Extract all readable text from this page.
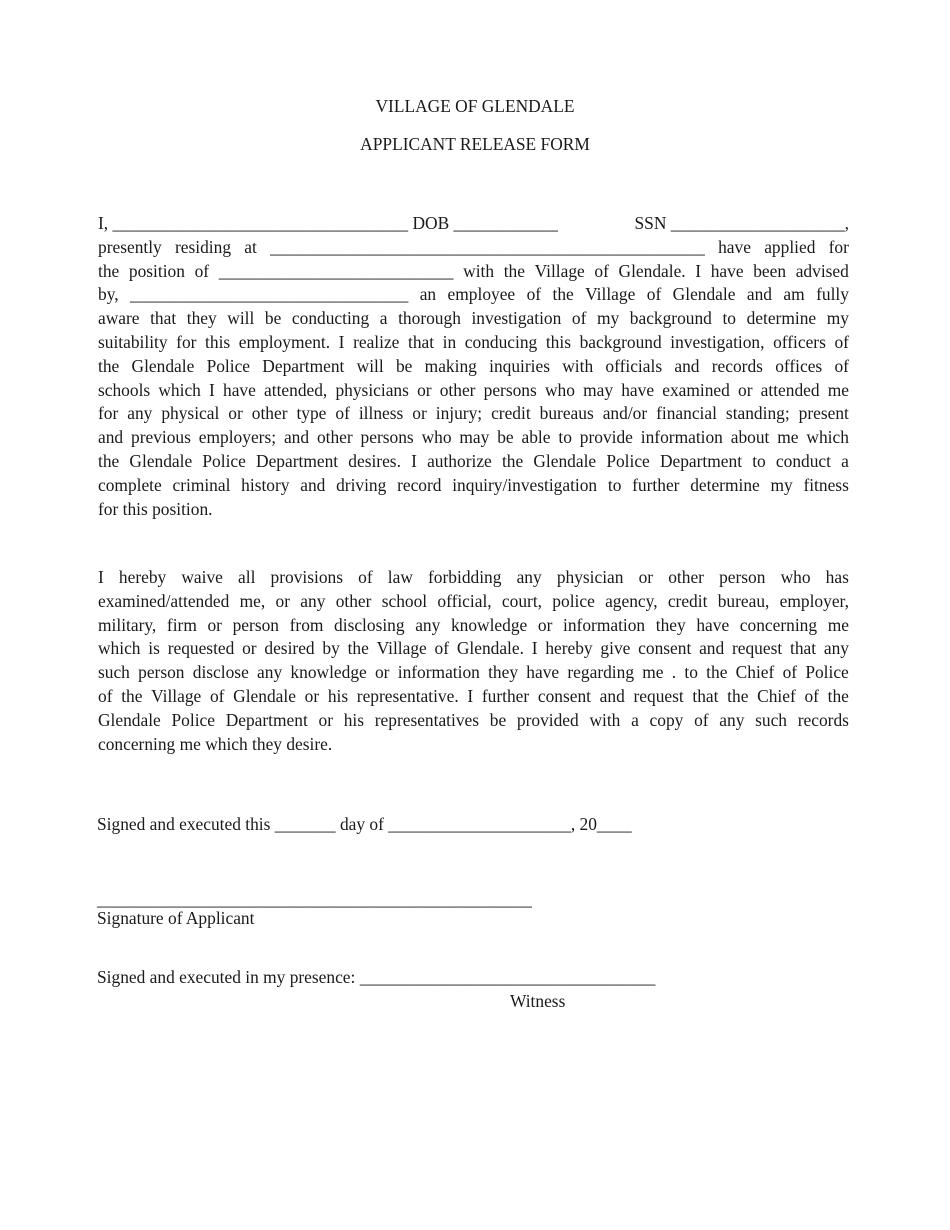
VILLAGE OF GLENDALE
APPLICANT RELEASE FORM
I, __________________________________ DOB ____________	SSN ____________________,
presently residing at __________________________________________________ have applied for
the position of ___________________________ with the Village of Glendale. I have been advised
by, ________________________________ an employee of the Village of Glendale and am fully
aware that they will be conducting a thorough investigation of my background to determine my
suitability for this employment. I realize that in conducing this background investigation, officers of
the Glendale Police Department will be making inquiries with officials and records offices of
schools which I have attended, physicians or other persons who may have examined or attended me
for any physical or other type of illness or injury; credit bureaus and/or financial standing; present
and previous employers; and other persons who may be able to provide information about me which
the Glendale Police Department desires. I authorize the Glendale Police Department to conduct a
complete criminal history and driving record inquiry/investigation to further determine my fitness
for this position.
I hereby waive all provisions of law forbidding any physician or other person who has
examined/attended me, or any other school official, court, police agency, credit bureau, employer,
military, firm or person from disclosing any knowledge or information they have concerning me
which is requested or desired by the Village of Glendale. I hereby give consent and request that any
such person disclose any knowledge or information they have regarding me . to the Chief of Police
of the Village of Glendale or his representative. I further consent and request that the Chief of the
Glendale Police Department or his representatives be provided with a copy of any such records
concerning me which they desire.
Signed and executed this _______ day of _____________________, 20____
__________________________________________________
Signature of Applicant
Signed and executed in my presence: __________________________________
Witness
